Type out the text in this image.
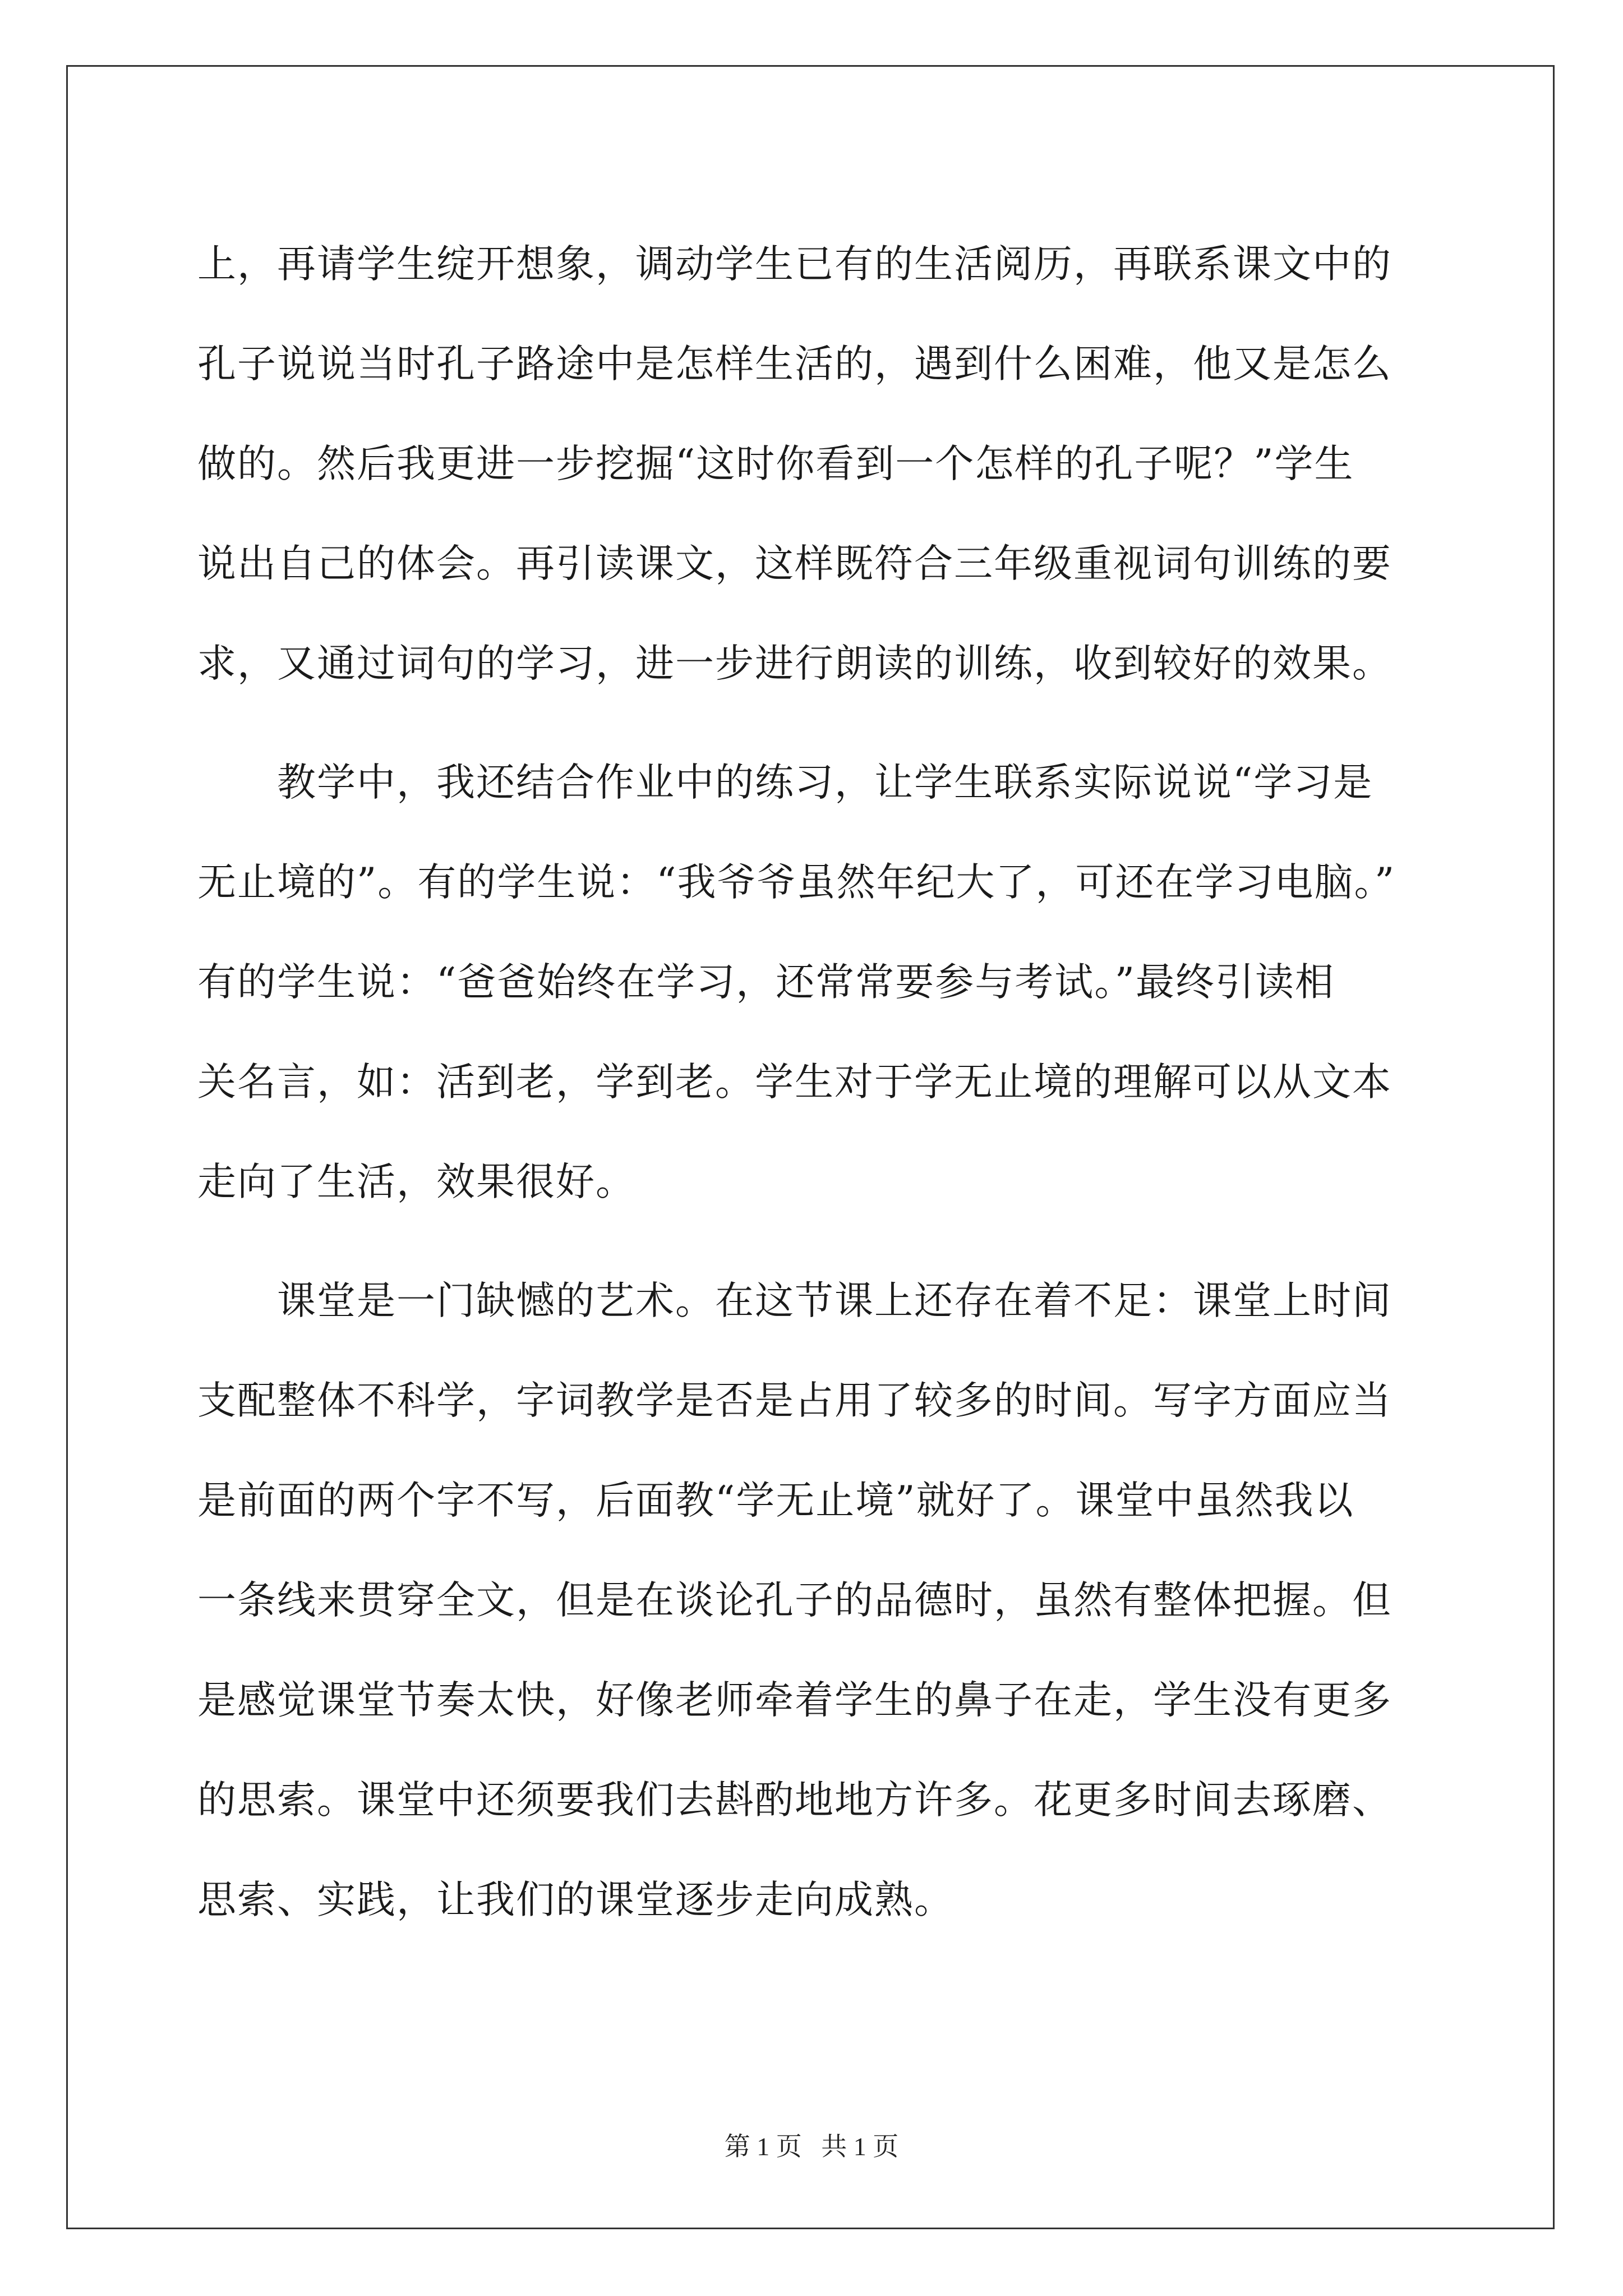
上，再请学生绽开想象，调动学生已有的生活阅历，再联系课文中的
孔子说说当时孔子路途中是怎样生活的，遇到什么困难，他又是怎么
做的。然后我更进一步挖掘“这时你看到一个怎样的孔子呢？”学生
说出自己的体会。再引读课文，这样既符合三年级重视词句训练的要
求，又通过词句的学习，进一步进行朗读的训练，收到较好的效果。
　　教学中，我还结合作业中的练习，让学生联系实际说说“学习是
无止境的”。有的学生说：“我爷爷虽然年纪大了，可还在学习电脑。”
有的学生说：“爸爸始终在学习，还常常要参与考试。”最终引读相
关名言，如：活到老，学到老。学生对于学无止境的理解可以从文本
走向了生活，效果很好。
　　课堂是一门缺憾的艺术。在这节课上还存在着不足：课堂上时间
支配整体不科学，字词教学是否是占用了较多的时间。写字方面应当
是前面的两个字不写，后面教“学无止境”就好了。课堂中虽然我以
一条线来贯穿全文，但是在谈论孔子的品德时，虽然有整体把握。但
是感觉课堂节奏太快，好像老师牵着学生的鼻子在走，学生没有更多
的思索。课堂中还须要我们去斟酌地地方许多。花更多时间去琢磨、
思索、实践，让我们的课堂逐步走向成熟。
第 1 页   共 1 页
